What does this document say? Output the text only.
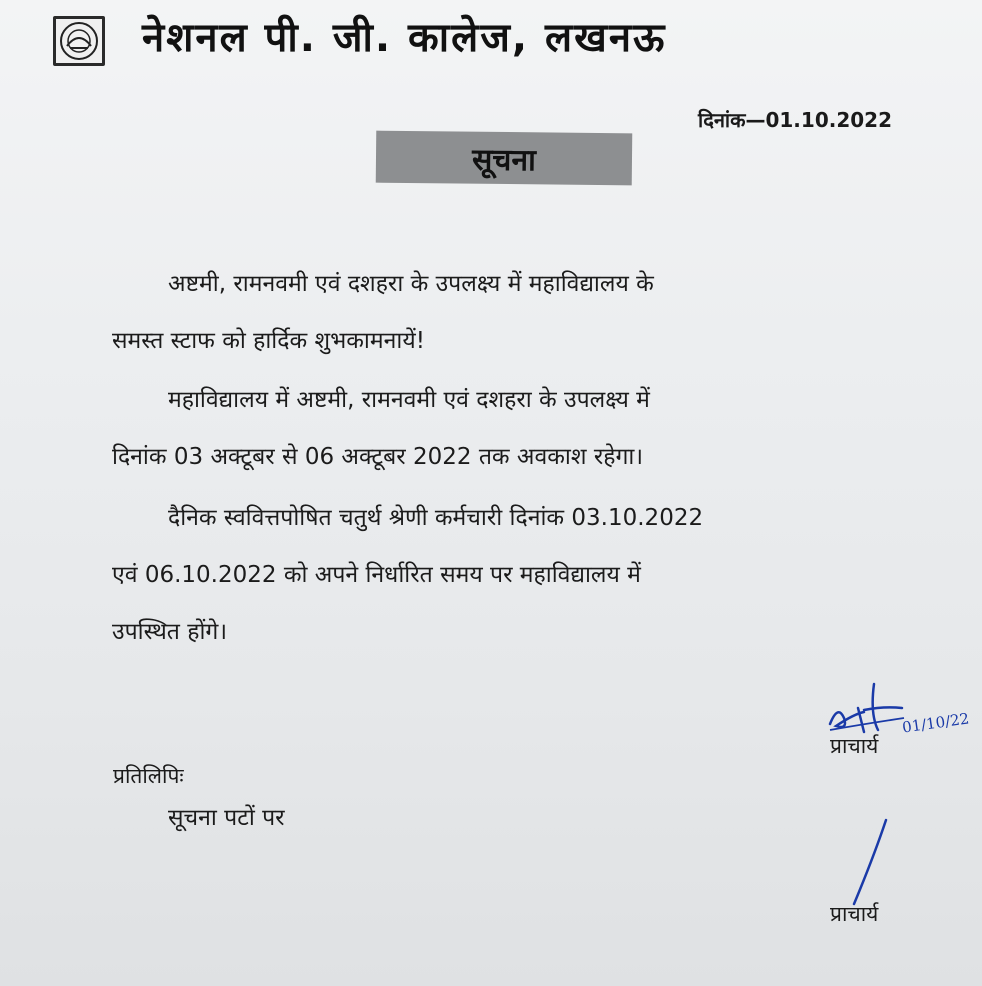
नेशनल पी. जी. कालेज, लखनऊ
दिनांक—01.10.2022
सूचना
अष्टमी, रामनवमी एवं दशहरा के उपलक्ष्य में महाविद्यालय के
समस्त स्टाफ को हार्दिक शुभकामनायें!
महाविद्यालय में अष्टमी, रामनवमी एवं दशहरा के उपलक्ष्य में
दिनांक 03 अक्टूबर से 06 अक्टूबर 2022 तक अवकाश रहेगा।
दैनिक स्ववित्तपोषित चतुर्थ श्रेणी कर्मचारी दिनांक 03.10.2022
एवं 06.10.2022 को अपने निर्धारित समय पर महाविद्यालय में
उपस्थित होंगे।
01/10/22
प्राचार्य
प्रतिलिपिः
सूचना पटों पर
प्राचार्य
